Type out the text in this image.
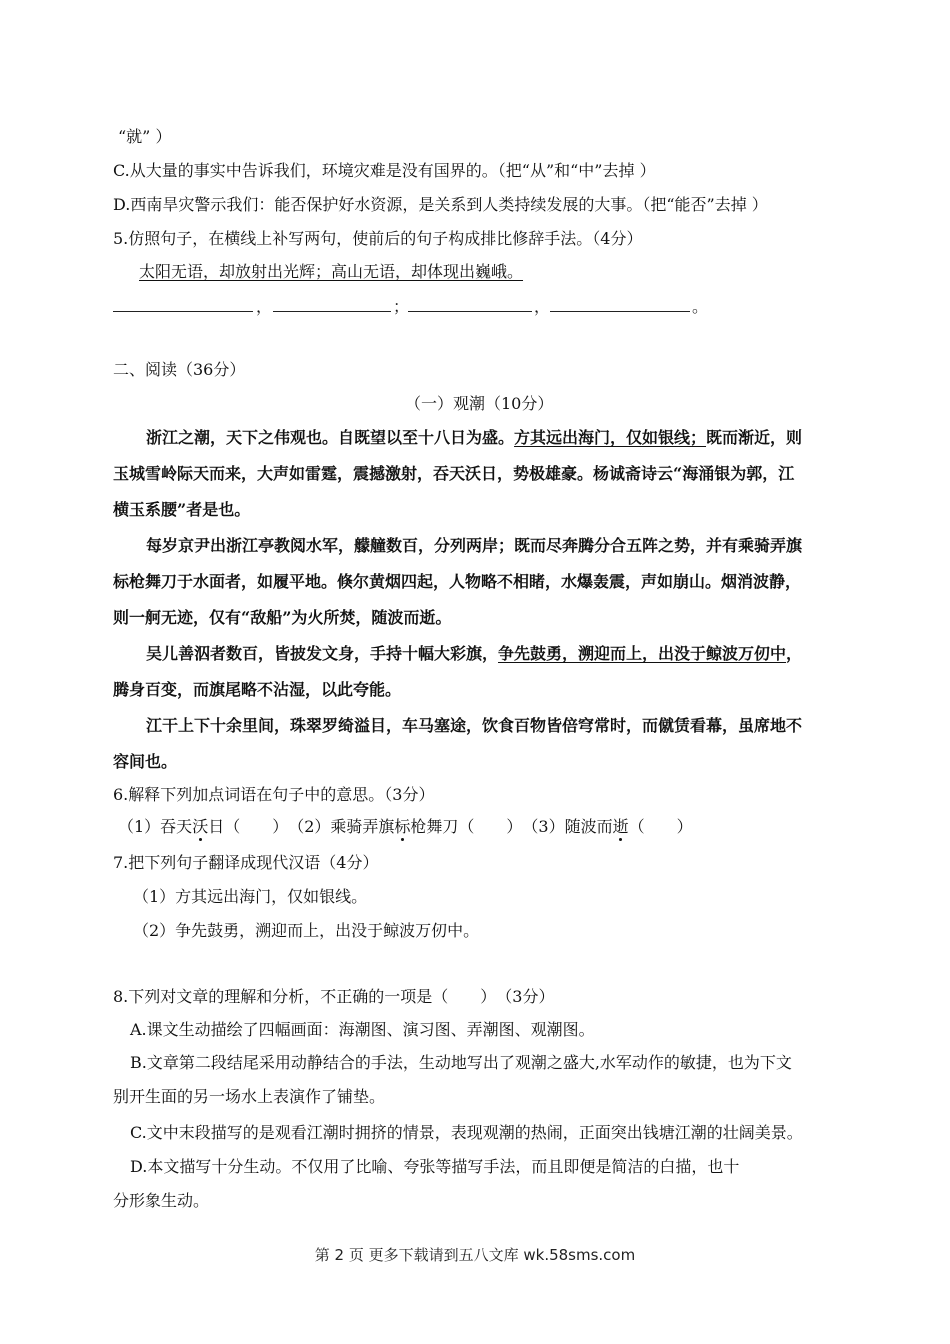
“就” ）
C.从大量的事实中告诉我们，环境灾难是没有国界的。（把“从”和“中”去掉 ）
D.西南旱灾警示我们：能否保护好水资源，是关系到人类持续发展的大事。（把“能否”去掉 ）
5.仿照句子，在横线上补写两句，使前后的句子构成排比修辞手法。（4分）
太阳无语，却放射出光辉；高山无语，却体现出巍峨。
，	；	，	。
二、阅读（36分）
（一）观潮（10分）
浙江之潮，天下之伟观也。自既望以至十八日为盛。方其远出海门，仅如银线；既而渐近，则
玉城雪岭际天而来，大声如雷霆，震撼激射，吞天沃日，势极雄豪。杨诚斋诗云“海涌银为郭，江
横玉系腰”者是也。
每岁京尹出浙江亭教阅水军，艨艟数百，分列两岸；既而尽奔腾分合五阵之势，并有乘骑弄旗
标枪舞刀于水面者，如履平地。倏尔黄烟四起，人物略不相睹，水爆轰震，声如崩山。烟消波静，
则一舸无迹，仅有“敌船”为火所焚，随波而逝。
吴儿善泅者数百，皆披发文身，手持十幅大彩旗，争先鼓勇，溯迎而上，出没于鲸波万仞中，
腾身百变，而旗尾略不沾湿，以此夸能。
江干上下十余里间，珠翠罗绮溢目，车马塞途，饮食百物皆倍穹常时，而僦赁看幕，虽席地不
容间也。
6.解释下列加点词语在句子中的意思。（3分）
（1）吞天沃日（　　）　（2）乘骑弄旗标枪舞刀（　　）　（3）随波而逝（　　）
7.把下列句子翻译成现代汉语（4分）
（1）方其远出海门，仅如银线。
（2）争先鼓勇，溯迎而上，出没于鲸波万仞中。
8.下列对文章的理解和分析，不正确的一项是（　　）　（3分）
A.课文生动描绘了四幅画面：海潮图、演习图、弄潮图、观潮图。
B.文章第二段结尾采用动静结合的手法，生动地写出了观潮之盛大,水军动作的敏捷，也为下文
别开生面的另一场水上表演作了铺垫。
C.文中末段描写的是观看江潮时拥挤的情景，表现观潮的热闹，正面突出钱塘江潮的壮阔美景。
D.本文描写十分生动。不仅用了比喻、夸张等描写手法，而且即便是简洁的白描，也十
分形象生动。
第 2 页 更多下载请到五八文库 wk.58sms.com
